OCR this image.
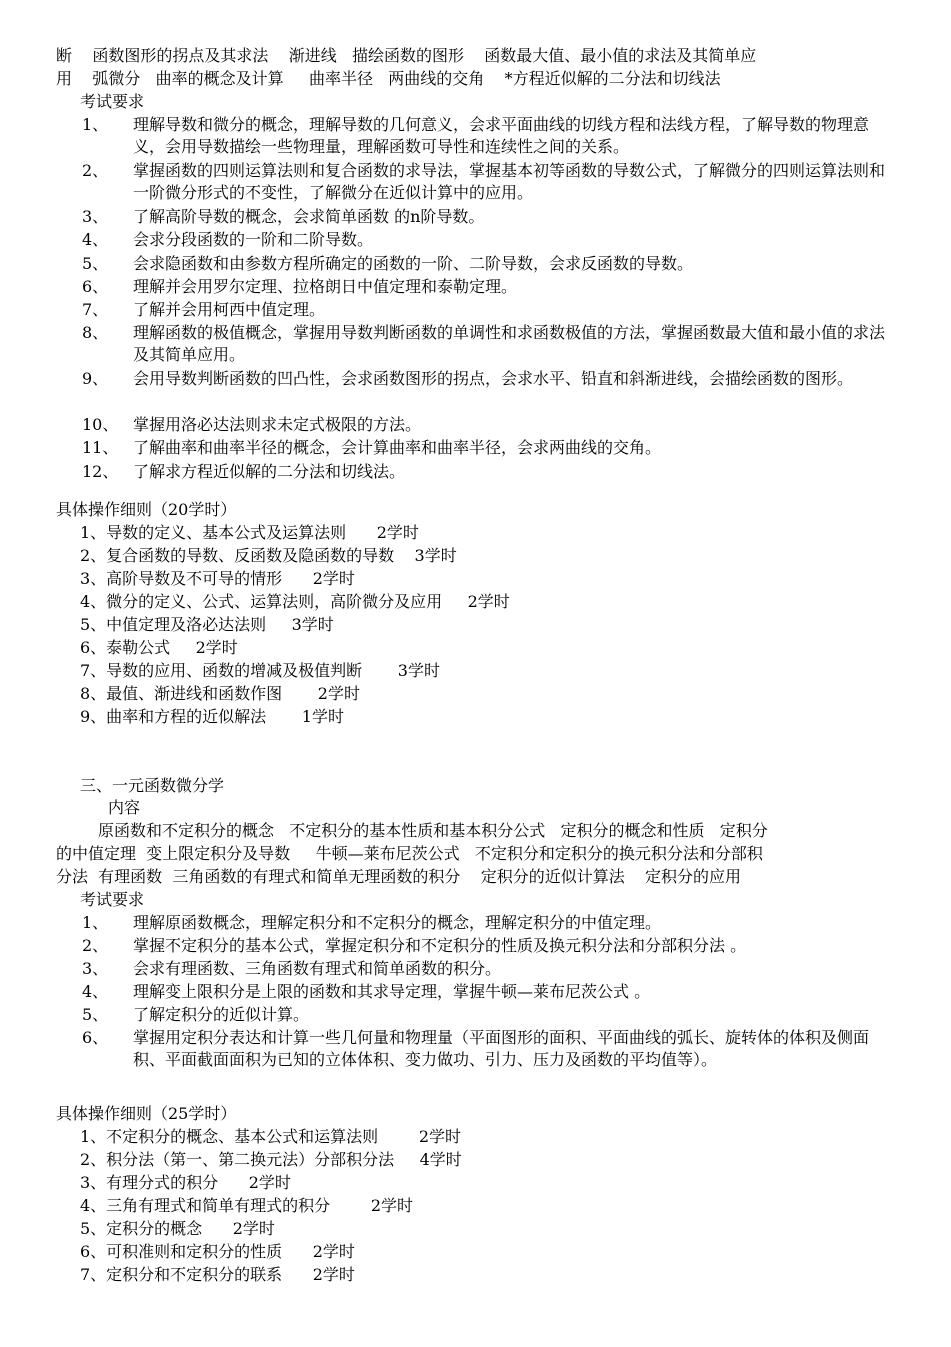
断    函数图形的拐点及其求法    渐进线   描绘函数的图形    函数最大值、最小值的求法及其简单应
用    弧微分   曲率的概念及计算     曲率半径   两曲线的交角    *方程近似解的二分法和切线法
考试要求
1、 理解导数和微分的概念，理解导数的几何意义，会求平面曲线的切线方程和法线方程，了解导数的物理意义，会用导数描绘一些物理量，理解函数可导性和连续性之间的关系。
2、 掌握函数的四则运算法则和复合函数的求导法，掌握基本初等函数的导数公式，了解微分的四则运算法则和一阶微分形式的不变性，了解微分在近似计算中的应用。
3、 了解高阶导数的概念，会求简单函数 的n阶导数。
4、 会求分段函数的一阶和二阶导数。
5、 会求隐函数和由参数方程所确定的函数的一阶、二阶导数，会求反函数的导数。
6、 理解并会用罗尔定理、拉格朗日中值定理和泰勒定理。
7、 了解并会用柯西中值定理。
8、 理解函数的极值概念，掌握用导数判断函数的单调性和求函数极值的方法，掌握函数最大值和最小值的求法及其简单应用。
9、 会用导数判断函数的凹凸性，会求函数图形的拐点，会求水平、铅直和斜渐进线，会描绘函数的图形。
10、 掌握用洛必达法则求未定式极限的方法。
11、 了解曲率和曲率半径的概念，会计算曲率和曲率半径，会求两曲线的交角。
12、 了解求方程近似解的二分法和切线法。
具体操作细则（20学时）
1、导数的定义、基本公式及运算法则      2学时
2、复合函数的导数、反函数及隐函数的导数    3学时
3、高阶导数及不可导的情形      2学时
4、微分的定义、公式、运算法则，高阶微分及应用     2学时
5、中值定理及洛必达法则     3学时
6、泰勒公式     2学时
7、导数的应用、函数的增减及极值判断       3学时
8、最值、渐进线和函数作图       2学时
9、曲率和方程的近似解法       1学时
三、一元函数微分学
内容
原函数和不定积分的概念   不定积分的基本性质和基本积分公式   定积分的概念和性质   定积分
的中值定理  变上限定积分及导数     牛顿—莱布尼茨公式   不定积分和定积分的换元积分法和分部积
分法  有理函数  三角函数的有理式和简单无理函数的积分    定积分的近似计算法    定积分的应用
考试要求
1、 理解原函数概念，理解定积分和不定积分的概念，理解定积分的中值定理。
2、 掌握不定积分的基本公式，掌握定积分和不定积分的性质及换元积分法和分部积分法 。
3、 会求有理函数、三角函数有理式和简单函数的积分。
4、 理解变上限积分是上限的函数和其求导定理，掌握牛顿—莱布尼茨公式 。
5、 了解定积分的近似计算。
6、 掌握用定积分表达和计算一些几何量和物理量（平面图形的面积、平面曲线的弧长、旋转体的体积及侧面积、平面截面面积为已知的立体体积、变力做功、引力、压力及函数的平均值等）。
具体操作细则（25学时）
1、不定积分的概念、基本公式和运算法则        2学时
2、积分法（第一、第二换元法）分部积分法     4学时
3、有理分式的积分      2学时
4、三角有理式和简单有理式的积分        2学时
5、定积分的概念      2学时
6、可积准则和定积分的性质      2学时
7、定积分和不定积分的联系      2学时
